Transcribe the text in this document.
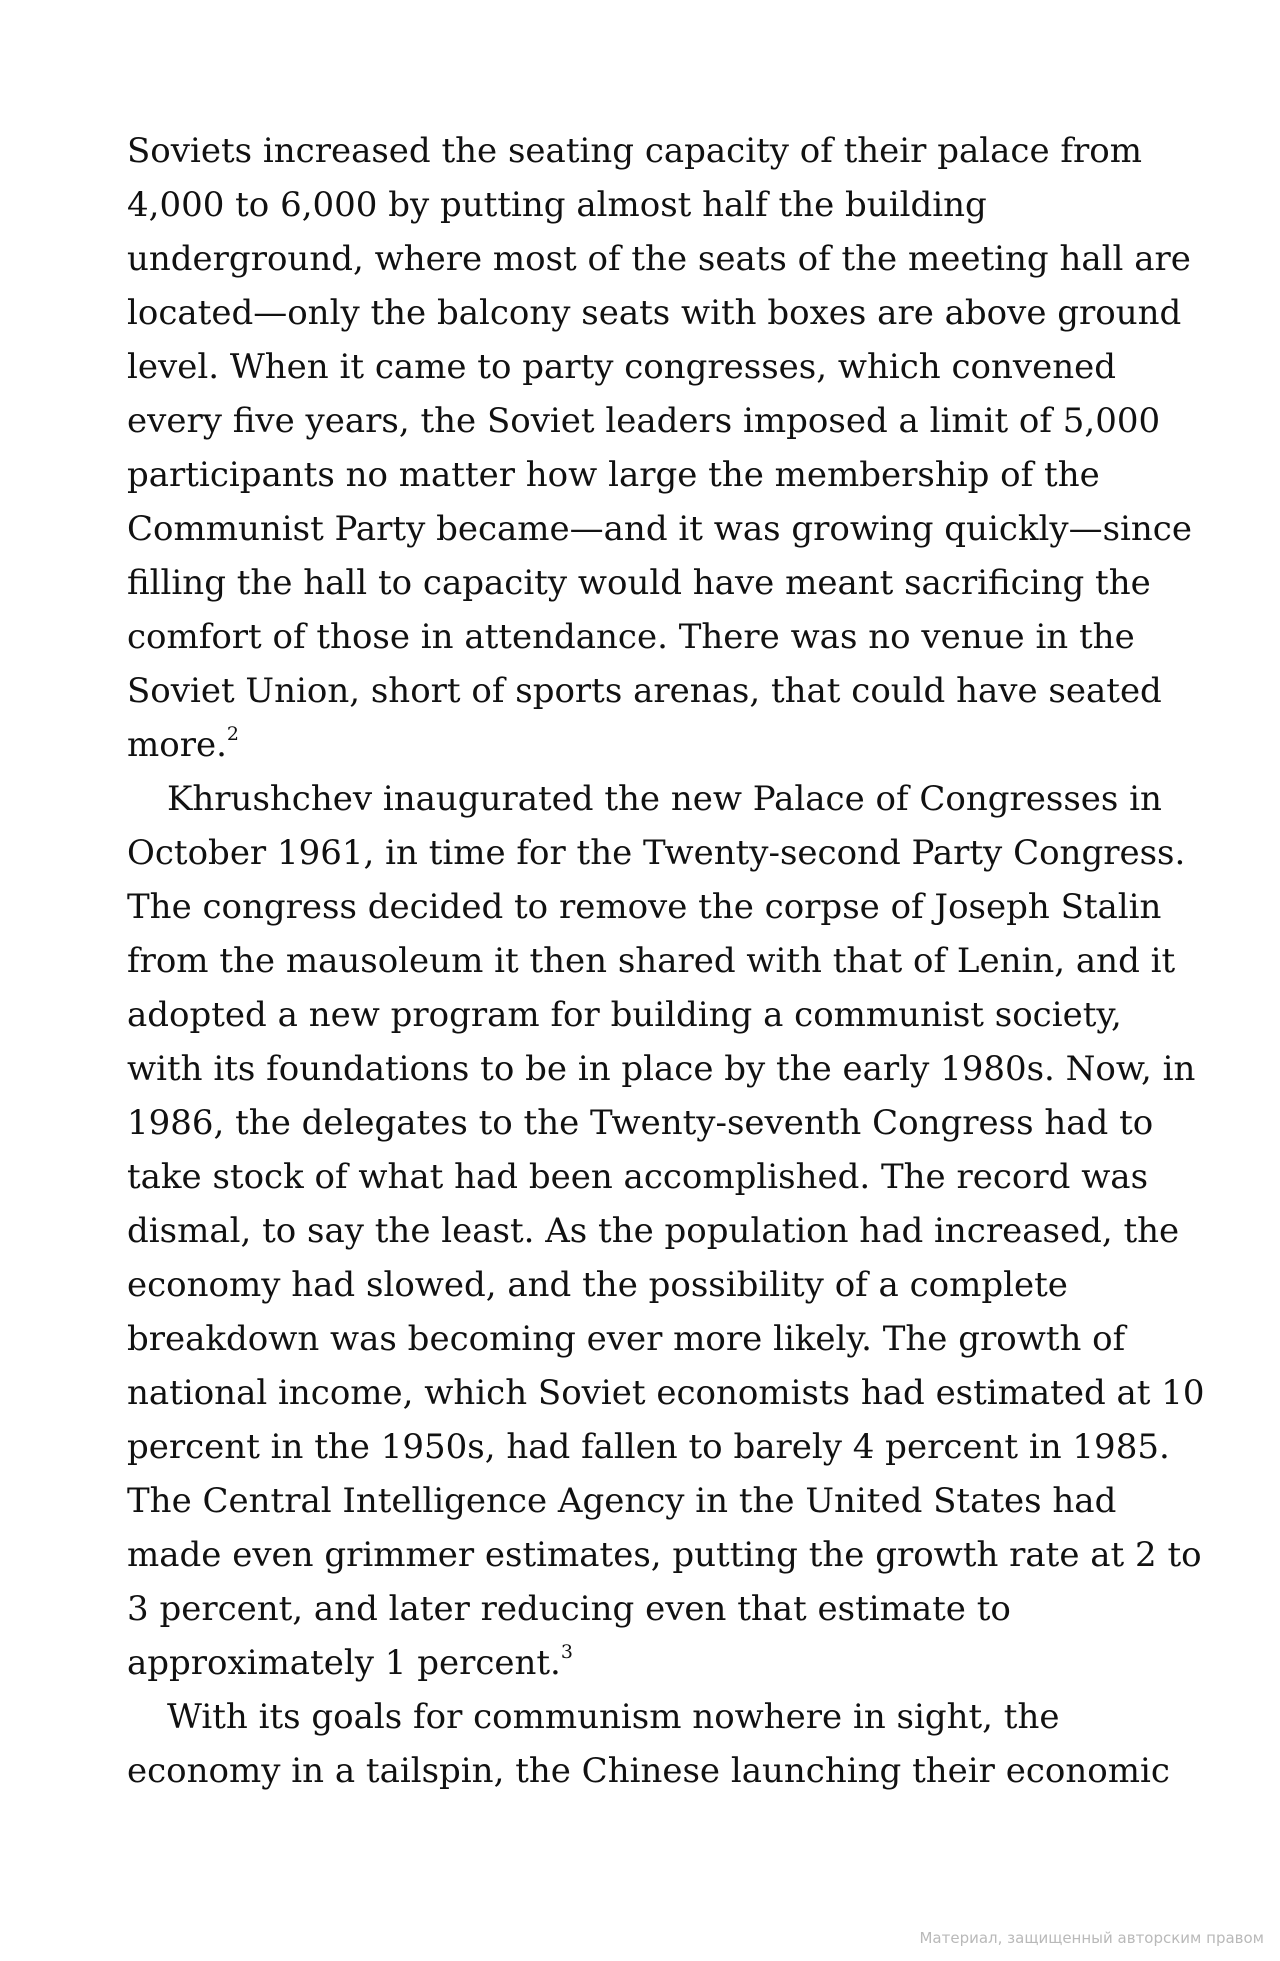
Soviets increased the seating capacity of their palace from
4,000 to 6,000 by putting almost half the building
underground, where most of the seats of the meeting hall are
located—only the balcony seats with boxes are above ground
level. When it came to party congresses, which convened
every five years, the Soviet leaders imposed a limit of 5,000
participants no matter how large the membership of the
Communist Party became—and it was growing quickly—since
filling the hall to capacity would have meant sacrificing the
comfort of those in attendance. There was no venue in the
Soviet Union, short of sports arenas, that could have seated
more.$^2$
Khrushchev inaugurated the new Palace of Congresses in
October 1961, in time for the Twenty-second Party Congress.
The congress decided to remove the corpse of Joseph Stalin
from the mausoleum it then shared with that of Lenin, and it
adopted a new program for building a communist society,
with its foundations to be in place by the early 1980s. Now, in
1986, the delegates to the Twenty-seventh Congress had to
take stock of what had been accomplished. The record was
dismal, to say the least. As the population had increased, the
economy had slowed, and the possibility of a complete
breakdown was becoming ever more likely. The growth of
national income, which Soviet economists had estimated at 10
percent in the 1950s, had fallen to barely 4 percent in 1985.
The Central Intelligence Agency in the United States had
made even grimmer estimates, putting the growth rate at 2 to
3 percent, and later reducing even that estimate to
approximately 1 percent.$^3$
With its goals for communism nowhere in sight, the
economy in a tailspin, the Chinese launching their economic
Материал, защищенный авторским правом
